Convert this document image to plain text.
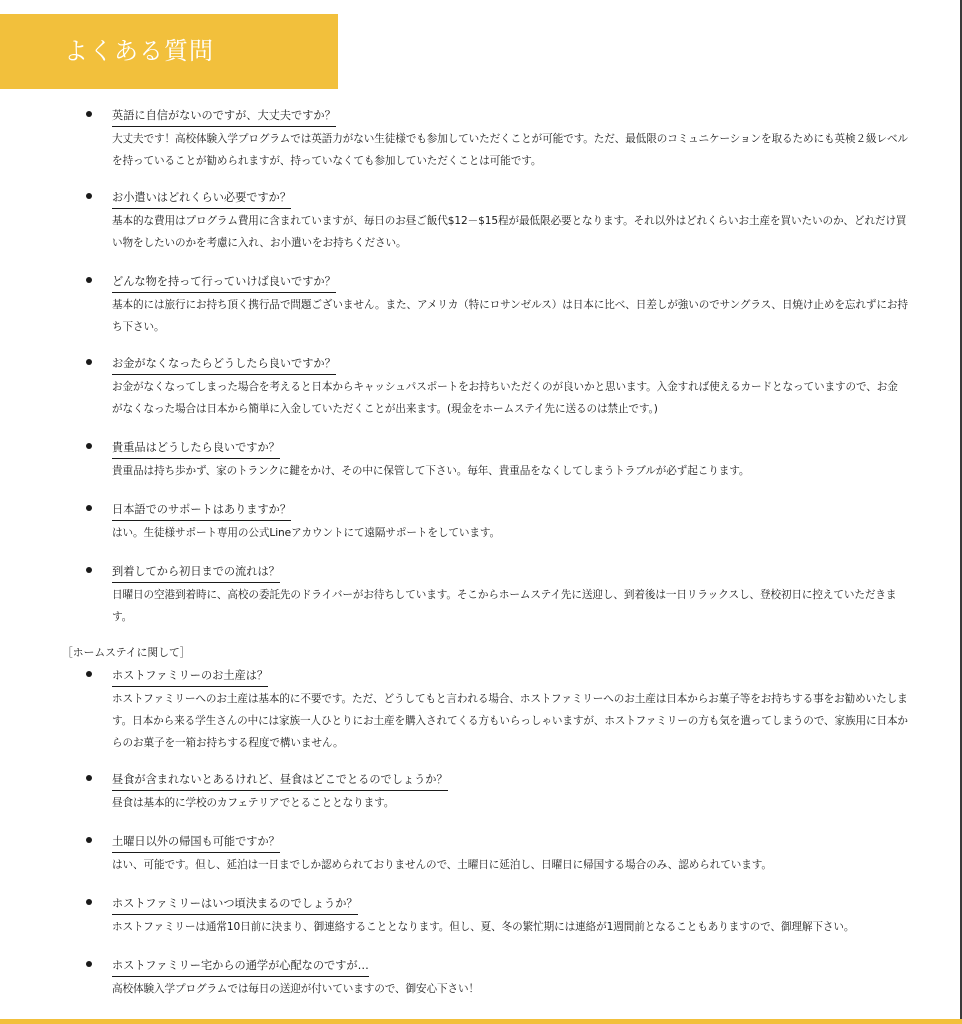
よくある質問
英語に自信がないのですが、大丈夫ですか？

大丈夫です！高校体験入学プログラムでは英語力がない生徒様でも参加していただくことが可能です。ただ、最低限のコミュニケーションを取るためにも英検２級レベルを持っていることが勧められますが、持っていなくても参加していただくことは可能です。

お小遣いはどれくらい必要ですか？

基本的な費用はプログラム費用に含まれていますが、毎日のお昼ご飯代$12－$15程が最低限必要となります。それ以外はどれくらいお土産を買いたいのか、どれだけ買い物をしたいのかを考慮に入れ、お小遣いをお持ちください。

どんな物を持って行っていけば良いですか？

基本的には旅行にお持ち頂く携行品で問題ございません。また、アメリカ（特にロサンゼルス）は日本に比べ、日差しが強いのでサングラス、日焼け止めを忘れずにお持ち下さい。

お金がなくなったらどうしたら良いですか？

お金がなくなってしまった場合を考えると日本からキャッシュパスポートをお持ちいただくのが良いかと思います。入金すれば使えるカードとなっていますので、お金がなくなった場合は日本から簡単に入金していただくことが出来ます。(現金をホームステイ先に送るのは禁止です。)

貴重品はどうしたら良いですか？

貴重品は持ち歩かず、家のトランクに鍵をかけ、その中に保管して下さい。毎年、貴重品をなくしてしまうトラブルが必ず起こります。

日本語でのサポートはありますか？

はい。生徒様サポート専用の公式Lineアカウントにて遠隔サポートをしています。

到着してから初日までの流れは？

日曜日の空港到着時に、高校の委託先のドライバーがお待ちしています。そこからホームステイ先に送迎し、到着後は一日リラックスし、登校初日に控えていただきます。

［ホームステイに関して］
ホストファミリーのお土産は？

ホストファミリーへのお土産は基本的に不要です。ただ、どうしてもと言われる場合、ホストファミリーへのお土産は日本からお菓子等をお持ちする事をお勧めいたします。日本から来る学生さんの中には家族一人ひとりにお土産を購入されてくる方もいらっしゃいますが、ホストファミリーの方も気を遣ってしまうので、家族用に日本からのお菓子を一箱お持ちする程度で構いません。

昼食が含まれないとあるけれど、昼食はどこでとるのでしょうか？

昼食は基本的に学校のカフェテリアでとることとなります。

土曜日以外の帰国も可能ですか？

はい、可能です。但し、延泊は一日までしか認められておりませんので、土曜日に延泊し、日曜日に帰国する場合のみ、認められています。

ホストファミリーはいつ頃決まるのでしょうか？

ホストファミリーは通常10日前に決まり、御連絡することとなります。但し、夏、冬の繁忙期には連絡が1週間前となることもありますので、御理解下さい。

ホストファミリー宅からの通学が心配なのですが…

高校体験入学プログラムでは毎日の送迎が付いていますので、御安心下さい！
